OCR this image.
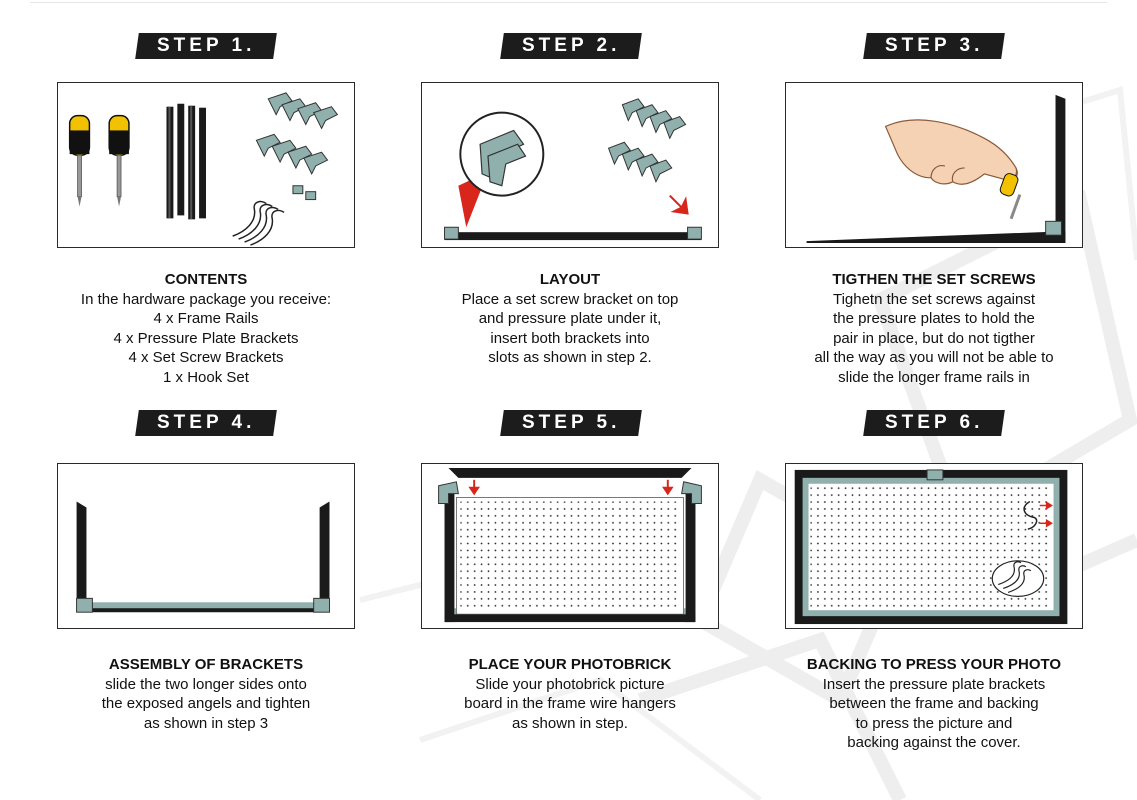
STEP 1.
CONTENTS
In the hardware package you receive:
4 x Frame Rails
4 x Pressure Plate Brackets
4 x Set Screw Brackets
1 x Hook Set
STEP 2.
LAYOUT
Place a set screw bracket on top
and pressure plate under it,
insert both brackets into
slots as shown in step 2.
STEP 3.
TIGTHEN THE SET SCREWS
Tighetn the set screws against
the pressure plates to hold the
pair in place, but do not tigther
all the way as you will not be able to
slide the longer frame rails in
STEP 4.
ASSEMBLY OF BRACKETS
slide the two longer sides onto
the exposed angels and tighten
as shown in step 3
STEP 5.
PLACE YOUR PHOTOBRICK
Slide your photobrick picture
board in the frame wire hangers
as shown in step.
STEP 6.
BACKING TO PRESS YOUR PHOTO
Insert the pressure plate brackets
between the frame and backing
to press the picture and
backing against the cover.
